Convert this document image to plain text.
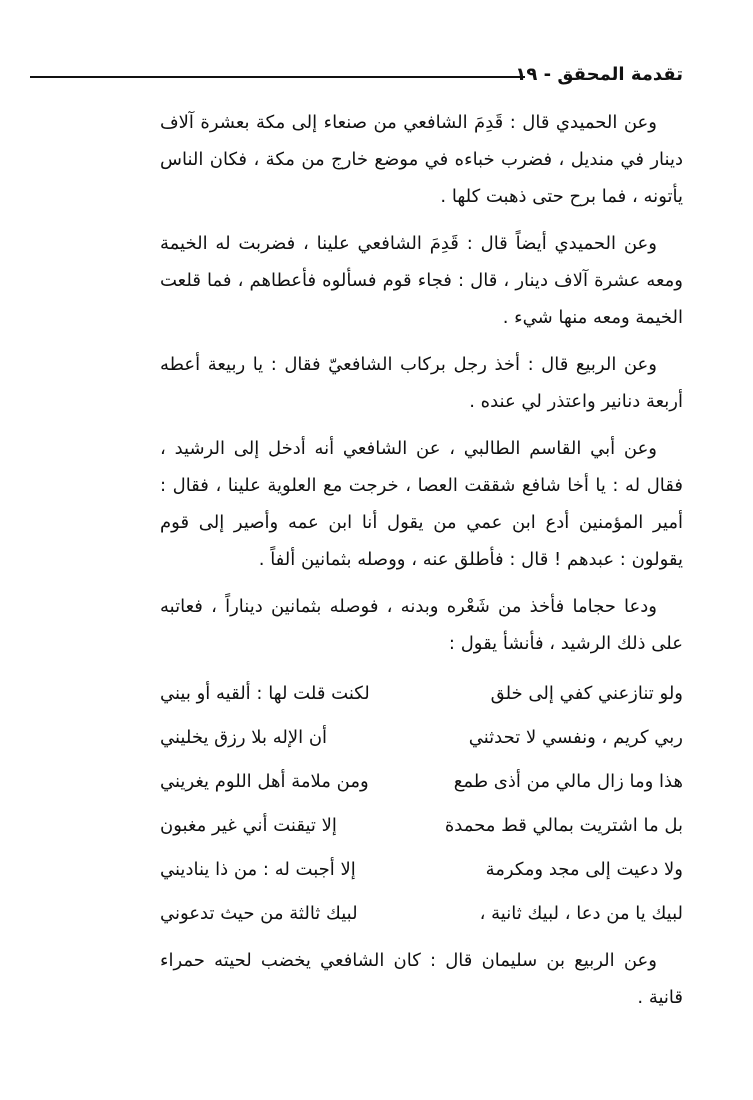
تقدمة المحقق - ١٩

وعن الحميدي قال : قَدِمَ الشافعي من صنعاء إلى مكة بعشرة آلاف دينار في منديل ، فضرب خباءه في موضع خارج من مكة ، فكان الناس يأتونه ، فما برح حتى ذهبت كلها .

وعن الحميدي أيضاً قال : قَدِمَ الشافعي علينا ، فضربت له الخيمة ومعه عشرة آلاف دينار ، قال : فجاء قوم فسألوه فأعطاهم ، فما قلعت الخيمة ومعه منها شيء .

وعن الربيع قال : أخذ رجل بركاب الشافعيّ فقال : يا ربيعة أعطه أربعة دنانير واعتذر لي عنده .

وعن أبي القاسم الطالبي ، عن الشافعي أنه أدخل إلى الرشيد ، فقال له : يا أخا شافع شققت العصا ، خرجت مع العلوية علينا ، فقال : أمير المؤمنين أدع ابن عمي من يقول أنا ابن عمه وأصير إلى قوم يقولون : عبدهم ! قال : فأطلق عنه ، ووصله بثمانين ألفاً .

ودعا حجاما فأخذ من شَعْره وبدنه ، فوصله بثمانين ديناراً ، فعاتبه على ذلك الرشيد ، فأنشأ يقول :

ولو تنازعني كفي إلى خلق
لكنت قلت لها : ألقيه أو بيني
ربي كريم ، ونفسي لا تحدثني
أن الإله بلا رزق يخليني
هذا وما زال مالي من أذى طمع
ومن ملامة أهل اللوم يغريني
بل ما اشتريت بمالي قط محمدة
إلا تيقنت أني غير مغبون
ولا دعيت إلى مجد ومكرمة
إلا أجبت له : من ذا يناديني
لبيك يا من دعا ، لبيك ثانية ،
لبيك ثالثة من حيث تدعوني

وعن الربيع بن سليمان قال : كان الشافعي يخضب لحيته حمراء قانية .
